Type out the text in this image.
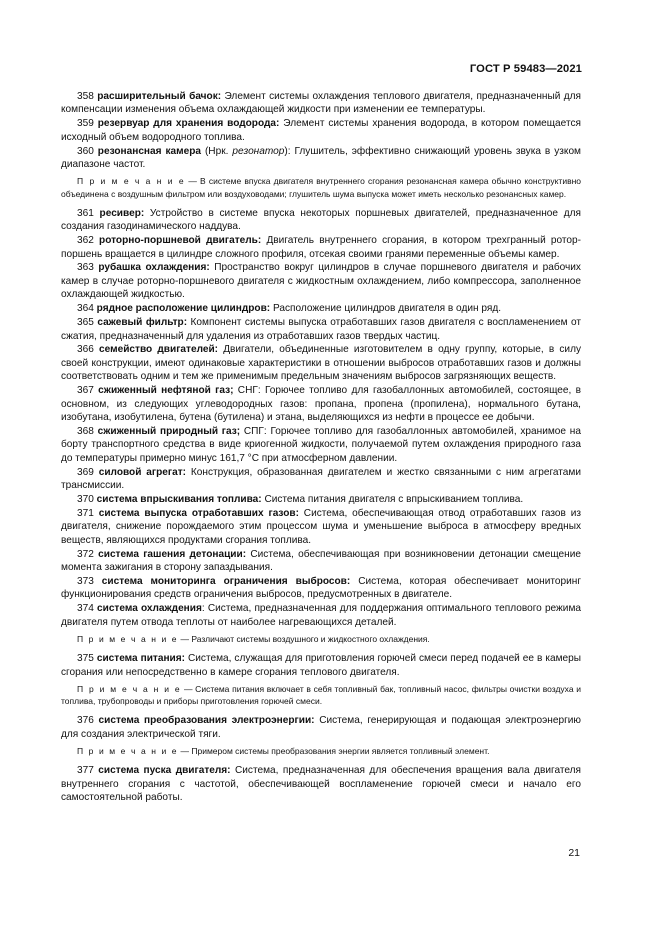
ГОСТ Р 59483—2021

358 расширительный бачок: Элемент системы охлаждения теплового двигателя, предназначенный для компенсации изменения объема охлаждающей жидкости при изменении ее температуры.

359 резервуар для хранения водорода: Элемент системы хранения водорода, в котором помещается исходный объем водородного топлива.

360 резонансная камера (Нрк. резонатор): Глушитель, эффективно снижающий уровень звука в узком диапазоне частот.

П р и м е ч а н и е — В системе впуска двигателя внутреннего сгорания резонансная камера обычно конструктивно объединена с воздушным фильтром или воздуховодами; глушитель шума выпуска может иметь несколько резонансных камер.

361 ресивер: Устройство в системе впуска некоторых поршневых двигателей, предназначенное для создания газодинамического наддува.

362 роторно-поршневой двигатель: Двигатель внутреннего сгорания, в котором трехгранный ротор-поршень вращается в цилиндре сложного профиля, отсекая своими гранями переменные объемы камер.

363 рубашка охлаждения: Пространство вокруг цилиндров в случае поршневого двигателя и рабочих камер в случае роторно-поршневого двигателя с жидкостным охлаждением, либо компрессора, заполненное охлаждающей жидкостью.

364 рядное расположение цилиндров: Расположение цилиндров двигателя в один ряд.

365 сажевый фильтр: Компонент системы выпуска отработавших газов двигателя с воспламенением от сжатия, предназначенный для удаления из отработавших газов твердых частиц.

366 семейство двигателей: Двигатели, объединенные изготовителем в одну группу, которые, в силу своей конструкции, имеют одинаковые характеристики в отношении выбросов отработавших газов и должны соответствовать одним и тем же применимым предельным значениям выбросов загрязняющих веществ.

367 сжиженный нефтяной газ; СНГ: Горючее топливо для газобаллонных автомобилей, состоящее, в основном, из следующих углеводородных газов: пропана, пропена (пропилена), нормального бутана, изобутана, изобутилена, бутена (бутилена) и этана, выделяющихся из нефти в процессе ее добычи.

368 сжиженный природный газ; СПГ: Горючее топливо для газобаллонных автомобилей, хранимое на борту транспортного средства в виде криогенной жидкости, получаемой путем охлаждения природного газа до температуры примерно минус 161,7 °С при атмосферном давлении.

369 силовой агрегат: Конструкция, образованная двигателем и жестко связанными с ним агрегатами трансмиссии.

370 система впрыскивания топлива: Система питания двигателя с впрыскиванием топлива.

371 система выпуска отработавших газов: Система, обеспечивающая отвод отработавших газов из двигателя, снижение порождаемого этим процессом шума и уменьшение выброса в атмосферу вредных веществ, являющихся продуктами сгорания топлива.

372 система гашения детонации: Система, обеспечивающая при возникновении детонации смещение момента зажигания в сторону запаздывания.

373 система мониторинга ограничения выбросов: Система, которая обеспечивает мониторинг функционирования средств ограничения выбросов, предусмотренных в двигателе.

374 система охлаждения: Система, предназначенная для поддержания оптимального теплового режима двигателя путем отвода теплоты от наиболее нагревающихся деталей.

П р и м е ч а н и е — Различают системы воздушного и жидкостного охлаждения.

375 система питания: Система, служащая для приготовления горючей смеси перед подачей ее в камеры сгорания или непосредственно в камере сгорания теплового двигателя.

П р и м е ч а н и е — Система питания включает в себя топливный бак, топливный насос, фильтры очистки воздуха и топлива, трубопроводы и приборы приготовления горючей смеси.

376 система преобразования электроэнергии: Система, генерирующая и подающая электроэнергию для создания электрической тяги.

П р и м е ч а н и е — Примером системы преобразования энергии является топливный элемент.

377 система пуска двигателя: Система, предназначенная для обеспечения вращения вала двигателя внутреннего сгорания с частотой, обеспечивающей воспламенение горючей смеси и начало его самостоятельной работы.

21
